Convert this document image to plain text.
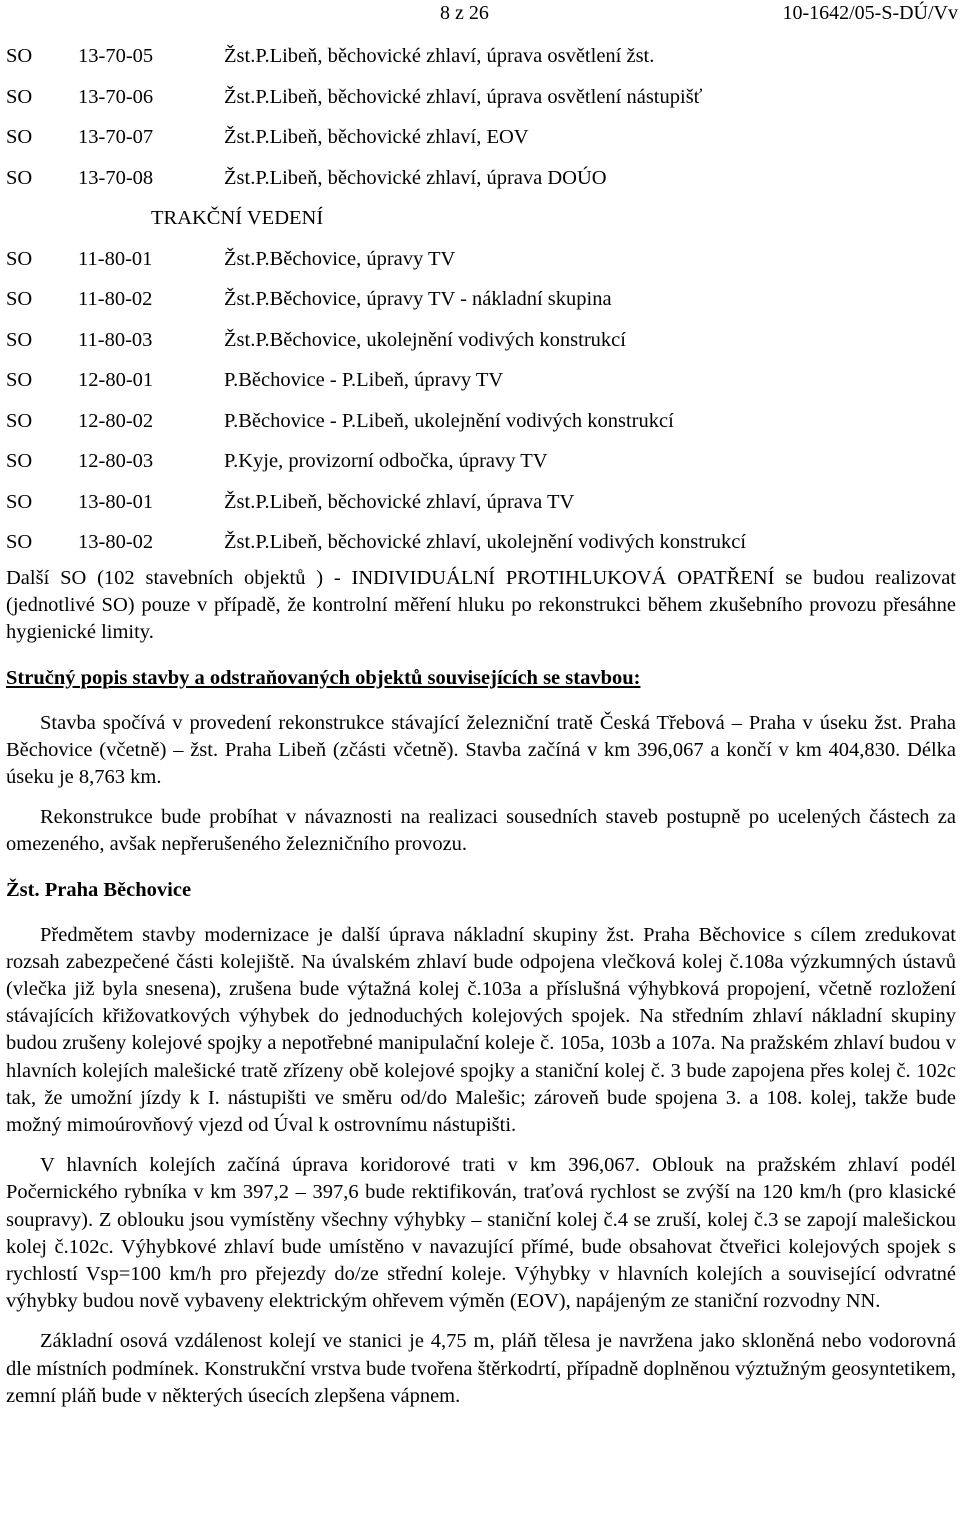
8 z 26	10-1642/05-S-DÚ/Vv
SO 13-70-05	Žst.P.Libeň, běchovické zhlaví, úprava osvětlení žst.
SO 13-70-06	Žst.P.Libeň, běchovické zhlaví, úprava osvětlení nástupišť
SO 13-70-07	Žst.P.Libeň, běchovické zhlaví, EOV
SO 13-70-08	Žst.P.Libeň, běchovické zhlaví, úprava DOÚO
TRAKČNÍ VEDENÍ
SO 11-80-01	Žst.P.Běchovice, úpravy TV
SO 11-80-02	Žst.P.Běchovice, úpravy TV - nákladní skupina
SO 11-80-03	Žst.P.Běchovice, ukolejnění vodivých konstrukcí
SO 12-80-01	P.Běchovice - P.Libeň, úpravy TV
SO 12-80-02	P.Běchovice - P.Libeň, ukolejnění vodivých konstrukcí
SO 12-80-03	P.Kyje, provizorní odbočka, úpravy TV
SO 13-80-01	Žst.P.Libeň, běchovické zhlaví, úprava TV
SO 13-80-02	Žst.P.Libeň, běchovické zhlaví, ukolejnění vodivých konstrukcí

Další SO (102 stavebních objektů ) - INDIVIDUÁLNÍ PROTIHLUKOVÁ OPATŘENÍ se budou realizovat (jednotlivé SO) pouze v případě, že kontrolní měření hluku po rekonstrukci během zkušebního provozu přesáhne hygienické limity.

Stručný popis stavby a odstraňovaných objektů souvisejících se stavbou:

Stavba spočívá v provedení rekonstrukce stávající železniční tratě Česká Třebová – Praha v úseku žst. Praha Běchovice (včetně) – žst. Praha Libeň (zčásti včetně). Stavba začíná v km 396,067 a končí v km 404,830. Délka úseku je 8,763 km.

Rekonstrukce bude probíhat v návaznosti na realizaci sousedních staveb postupně po ucelených částech za omezeného, avšak nepřerušeného železničního provozu.

Žst. Praha Běchovice

Předmětem stavby modernizace je další úprava nákladní skupiny žst. Praha Běchovice s cílem zredukovat rozsah zabezpečené části kolejiště. Na úvalském zhlaví bude odpojena vlečková kolej č.108a výzkumných ústavů (vlečka již byla snesena), zrušena bude výtažná kolej č.103a a příslušná výhybková propojení, včetně rozložení stávajících křižovatkových výhybek do jednoduchých kolejových spojek. Na středním zhlaví nákladní skupiny budou zrušeny kolejové spojky a nepotřebné manipulační koleje č. 105a, 103b a 107a. Na pražském zhlaví budou v hlavních kolejích malešické tratě zřízeny obě kolejové spojky a staniční kolej č. 3 bude zapojena přes kolej č. 102c tak, že umožní jízdy k I. nástupišti ve směru od/do Malešic; zároveň bude spojena 3. a 108. kolej, takže bude možný mimoúrovňový vjezd od Úval k ostrovnímu nástupišti.

V hlavních kolejích začíná úprava koridorové trati v km 396,067. Oblouk na pražském zhlaví podél Počernického rybníka v km 397,2 – 397,6 bude rektifikován, traťová rychlost se zvýší na 120 km/h (pro klasické soupravy). Z oblouku jsou vymístěny všechny výhybky – staniční kolej č.4 se zruší, kolej č.3 se zapojí malešickou kolej č.102c. Výhybkové zhlaví bude umístěno v navazující přímé, bude obsahovat čtveřici kolejových spojek s rychlostí Vsp=100 km/h pro přejezdy do/ze střední koleje. Výhybky v hlavních kolejích a související odvratné výhybky budou nově vybaveny elektrickým ohřevem výměn (EOV), napájeným ze staniční rozvodny NN.

Základní osová vzdálenost kolejí ve stanici je 4,75 m, pláň tělesa je navržena jako skloněná nebo vodorovná dle místních podmínek. Konstrukční vrstva bude tvořena štěrkodrtí, případně doplněnou výztužným geosyntetikem, zemní pláň bude v některých úsecích zlepšena vápnem.
